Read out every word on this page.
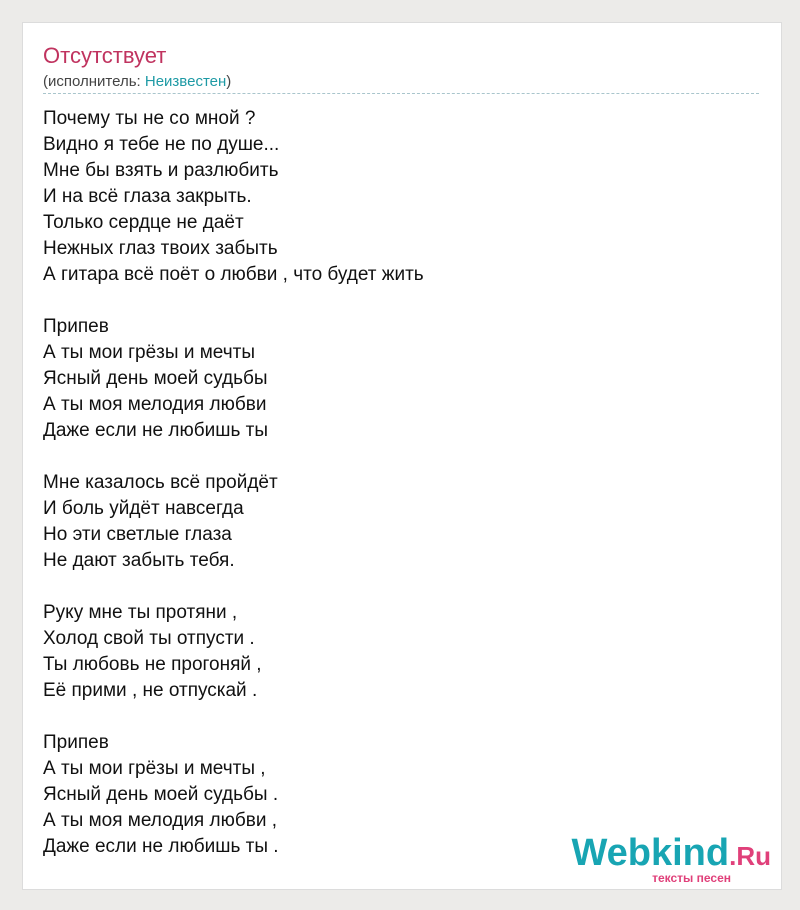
Отсутствует
(исполнитель: Неизвестен)
Почему ты не со мной ?
Видно я тебе не по душе...
Мне бы взять и разлюбить
И на всё глаза закрыть.
Только сердце не даёт
Нежных глаз твоих забыть
А гитара всё поёт о любви , что будет жить
Припев
А ты мои грёзы и мечты
Ясный день моей судьбы
А ты моя мелодия любви
Даже если не любишь ты
Мне казалось всё пройдёт
И боль уйдёт навсегда
Но эти светлые глаза
Не дают забыть тебя.
Руку мне ты протяни ,
Холод свой ты отпусти .
Ты любовь не прогоняй ,
Её прими , не отпускай .
Припев
А ты мои грёзы и мечты ,
Ясный день моей судьбы .
А ты моя мелодия любви ,
Даже если не любишь ты .	Webkind.Ru
тексты песен
